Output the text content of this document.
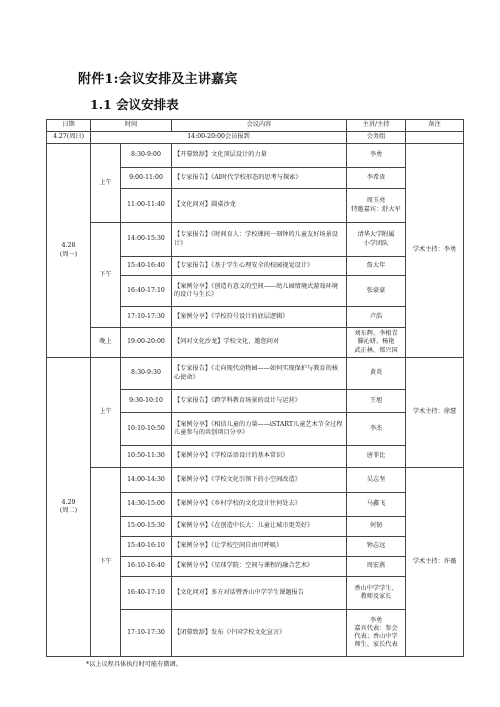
附件1:会议安排及主讲嘉宾
1.1 会议安排表
日期	时间		会议内容	主讲/主持	备注
4.27(周日)	14:00-20:00会员报到			会务组	
4.28
(周一)	上午	8:30-9:00	【开幕致辞】文化顶层设计的力量	李勇	学术主持：李勇
		9:00-11:00	【专家报告】《AI时代学校形态的思考与探索》	李希贵	
		11:00-11:40	【文化问对】圆桌沙龙	周玉亮
特邀嘉宾：舒大军	
	下午	14:00-15:30	【专家报告】《时间育人：学校课间一刻钟的儿童友好场景设计》	清华大学附属
小学团队	
		15:40-16:40	【专家报告】《基于学生心理安全的校园视觉设计》	詹大年	
		16:40-17:10	【案例分享】《创造有意义的空间——幼儿园情境式游戏环境的设计与生长》	张豪豪	
		17:10-17:30	【案例分享】《学校符号设计的底层逻辑》	卢浩	
	晚上	19:00-20:00	【问对文化沙龙】学校文化，邀您问对	刘东辉、李根青
滕沁妍、杨艳
武正林、郑兴国	
4.29
(周二)	上午	8:30-9:30	【专家报告】《走向现代动物园——如何实现保护与教育的核心使命》	黄炎	学术主持：徐慧
		9:30-10:10	【专家报告】《跨学科教育场景的设计与运营》	王旭	
		10:10-10:50	【案例分享】《相信儿童的力量——iSTART儿童艺术节全过程儿童参与的共创项目分享》	李杰	
		10:50-11:30	【案例分享】《学校话语设计的基本常识》	唐菲比	
	下午	14:00-14:30	【案例分享】《学校文化引领下的小空间改造》	吴志坚	学术主持：许薇
		14:30-15:00	【案例分享】《乡村学校的文化设计往何处去》	马鑫飞	
		15:00-15:30	【案例分享】《在创造中长大：儿童让城市更美好》	何韧	
		15:40-16:10	【案例分享】《让学校空间自由可呼吸》	钟志远	
		16:10-16:40	【案例分享】《星球学院：空间与课程的融合艺术》	周宏燕	
		16:40-17:10	【文化问对】多方对话暨香山中学学生课题报告	香山中学学生、
教师及家长	
		17:10-17:30	【闭幕致辞】发布《中国学校文化宣言》	李勇
嘉宾代表：参会
代表；香山中学
师生、家长代表	
*以上议程具体执行时可能有微调。
